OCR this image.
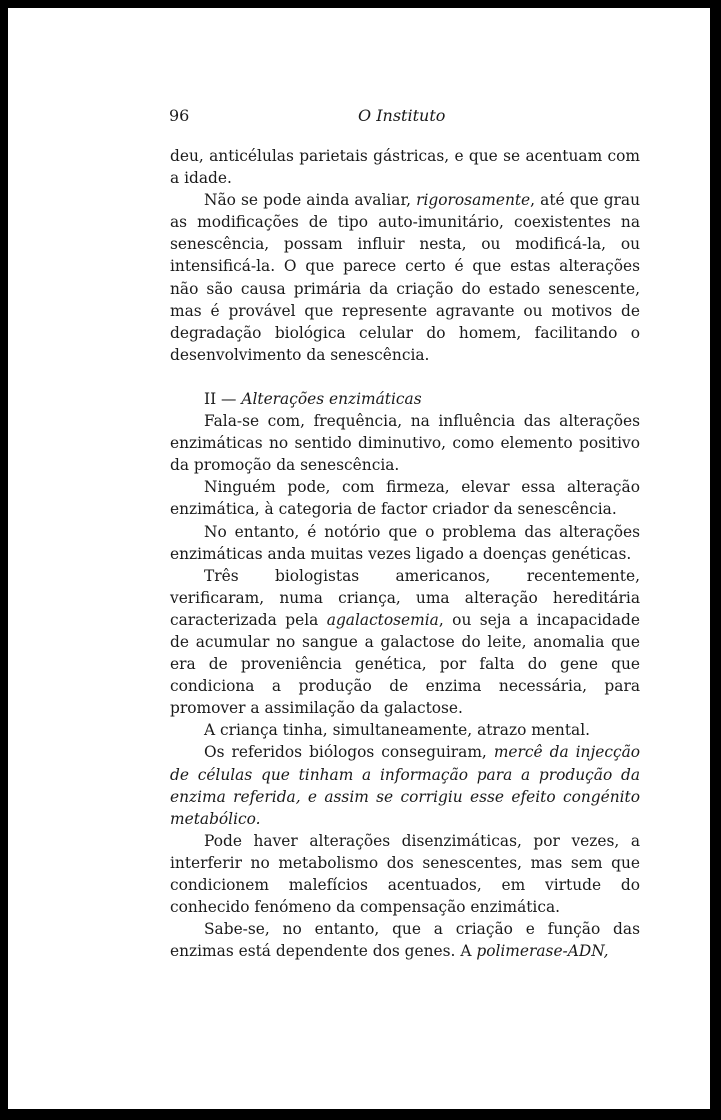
96	O Instituto

deu, anticélulas parietais gástricas, e que se acentuam com a idade.

Não se pode ainda avaliar, rigorosamente, até que grau as modificações de tipo auto-imunitário, coexistentes na senescência, possam influir nesta, ou modificá-la, ou intensificá-la. O que parece certo é que estas alterações não são causa primária da criação do estado senescente, mas é provável que represente agravante ou motivos de degradação biológica celular do homem, facilitando o desenvolvimento da senescência.

II — Alterações enzimáticas

Fala-se com, frequência, na influência das alterações enzimáticas no sentido diminutivo, como elemento positivo da promoção da senescência.

Ninguém pode, com firmeza, elevar essa alteração enzimática, à categoria de factor criador da senescência.

No entanto, é notório que o problema das alterações enzimáticas anda muitas vezes ligado a doenças genéticas.

Três biologistas americanos, recentemente, verificaram, numa criança, uma alteração hereditária caracterizada pela agalactosemia, ou seja a incapacidade de acumular no sangue a galactose do leite, anomalia que era de proveniência genética, por falta do gene que condiciona a produção de enzima necessária, para promover a assimilação da galactose.

A criança tinha, simultaneamente, atrazo mental.

Os referidos biólogos conseguiram, mercê da injecção de células que tinham a informação para a produção da enzima referida, e assim se corrigiu esse efeito congénito metabólico.

Pode haver alterações disenzimáticas, por vezes, a interferir no metabolismo dos senescentes, mas sem que condicionem malefícios acentuados, em virtude do conhecido fenómeno da compensação enzimática.

Sabe-se, no entanto, que a criação e função das enzimas está dependente dos genes. A polimerase-ADN,
